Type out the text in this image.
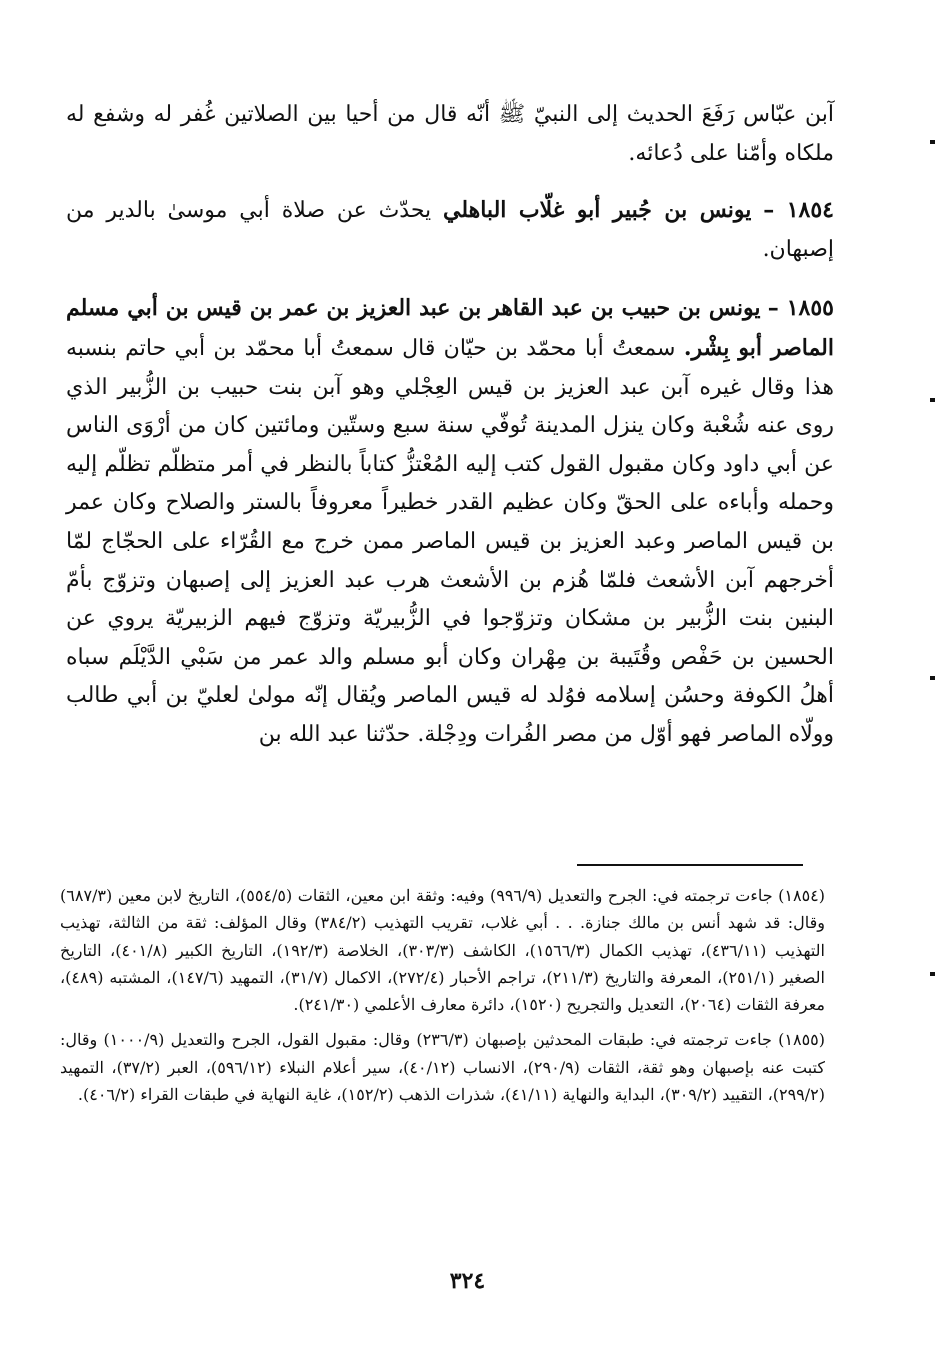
آبن عبّاس رَفَعَ الحديث إلى النبيّ ﷺ أنّه قال من أحيا بين الصلاتين غُفر له وشفع له ملكاه وأمّنا على دُعائه.

١٨٥٤ – يونس بن جُبير أبو غلّاب الباهلي يحدّث عن صلاة أبي موسىٰ بالدير من إصبهان.

١٨٥٥ – يونس بن حبيب بن عبد القاهر بن عبد العزيز بن عمر بن قيس بن أبي مسلم الماصر أبو بِشْر. سمعتُ أبا محمّد بن حيّان قال سمعتُ أبا محمّد بن أبي حاتم بنسبه هذا وقال غيره آبن عبد العزيز بن قيس العِجْلي وهو آبن بنت حبيب بن الزُّبير الذي روى عنه شُعْبة وكان ينزل المدينة تُوفّي سنة سبع وستّين ومائتين كان من أرْوَى الناس عن أبي داود وكان مقبول القول كتب إليه المُعْتزُّ كتاباً بالنظر في أمر متظلّم تظلّم إليه وحمله وأباءه على الحقّ وكان عظيم القدر خطيراً معروفاً بالستر والصلاح وكان عمر بن قيس الماصر وعبد العزيز بن قيس الماصر ممن خرج مع القُرّاء على الحجّاج لمّا أخرجهم آبن الأشعث فلمّا هُزم بن الأشعث هرب عبد العزيز إلى إصبهان وتزوّج بأمّ البنين بنت الزُّبير بن مشكان وتزوّجوا في الزُّبيريّة وتزوّج فيهم الزبيريّة يروي عن الحسين بن حَفْص وقُتَيبة بن مِهْران وكان أبو مسلم والد عمر من سَبْي الدَّيْلَم سباه أهلُ الكوفة وحسُن إسلامه فوُلد له قيس الماصر ويُقال إنّه مولىٰ لعليّ بن أبي طالب وولّاه الماصر فهو أوّل من مصر الفُرات ودِجْلة. حدّثنا عبد الله بن

(١٨٥٤) جاءت ترجمته في: الجرح والتعديل (٩٩٦/٩) وفيه: وثقة ابن معين، الثقات (٥٥٤/٥)، التاريخ لابن معين (٦٨٧/٣) وقال: قد شهد أنس بن مالك جنازة. . . أبي غلاب، تقريب التهذيب (٣٨٤/٢) وقال المؤلف: ثقة من الثالثة، تهذيب التهذيب (٤٣٦/١١)، تهذيب الكمال (١٥٦٦/٣)، الكاشف (٣٠٣/٣)، الخلاصة (١٩٢/٣)، التاريخ الكبير (٤٠١/٨)، التاريخ الصغير (٢٥١/١)، المعرفة والتاريخ (٢١١/٣)، تراجم الأحبار (٢٧٢/٤)، الاكمال (٣١/٧)، التمهيد (١٤٧/٦)، المشتبه (٤٨٩)، معرفة الثقات (٢٠٦٤)، التعديل والتجريح (١٥٢٠)، دائرة معارف الأعلمي (٢٤١/٣٠).

(١٨٥٥) جاءت ترجمته في: طبقات المحدثين بإصبهان (٢٣٦/٣) وقال: مقبول القول، الجرح والتعديل (١٠٠٠/٩) وقال: كتبت عنه بإصبهان وهو ثقة، الثقات (٢٩٠/٩)، الانساب (٤٠/١٢)، سير أعلام النبلاء (٥٩٦/١٢)، العبر (٣٧/٢)، التمهيد (٢٩٩/٢)، التقييد (٣٠٩/٢)، البداية والنهاية (٤١/١١)، شذرات الذهب (١٥٢/٢)، غاية النهاية في طبقات القراء (٤٠٦/٢).

٣٢٤
